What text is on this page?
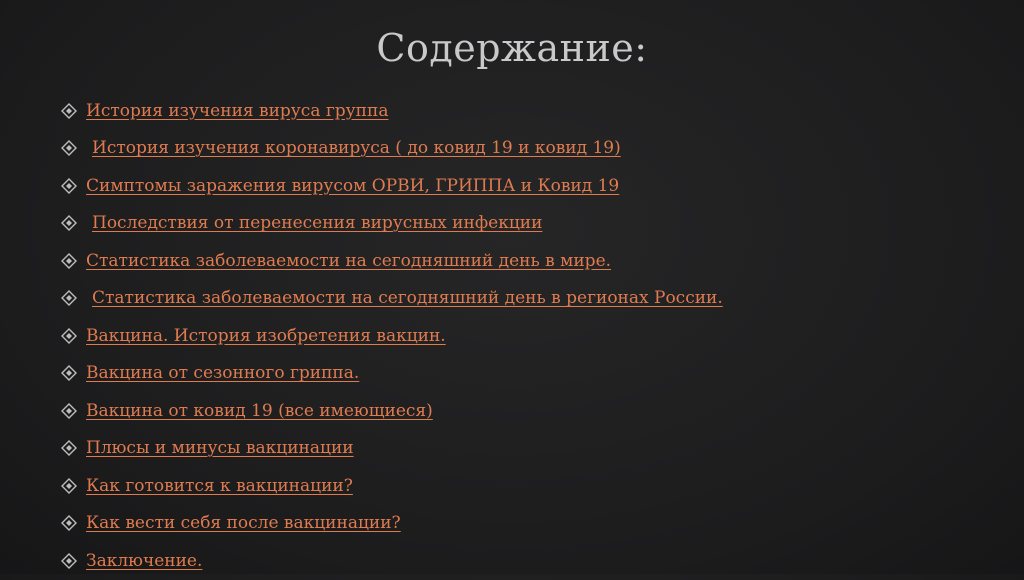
Содержание:
История изучения вируса группа
История изучения коронавируса ( до ковид 19 и ковид 19)
Симптомы заражения вирусом ОРВИ, ГРИППА и Ковид 19
Последствия от перенесения вирусных инфекции
Статистика заболеваемости на сегодняшний день в мире.
Статистика заболеваемости на сегодняшний день в регионах России.
Вакцина. История изобретения вакцин.
Вакцина от сезонного гриппа.
Вакцина от ковид 19 (все имеющиеся)
Плюсы и минусы вакцинации
Как готовится к вакцинации?
Как вести себя после вакцинации?
Заключение.
